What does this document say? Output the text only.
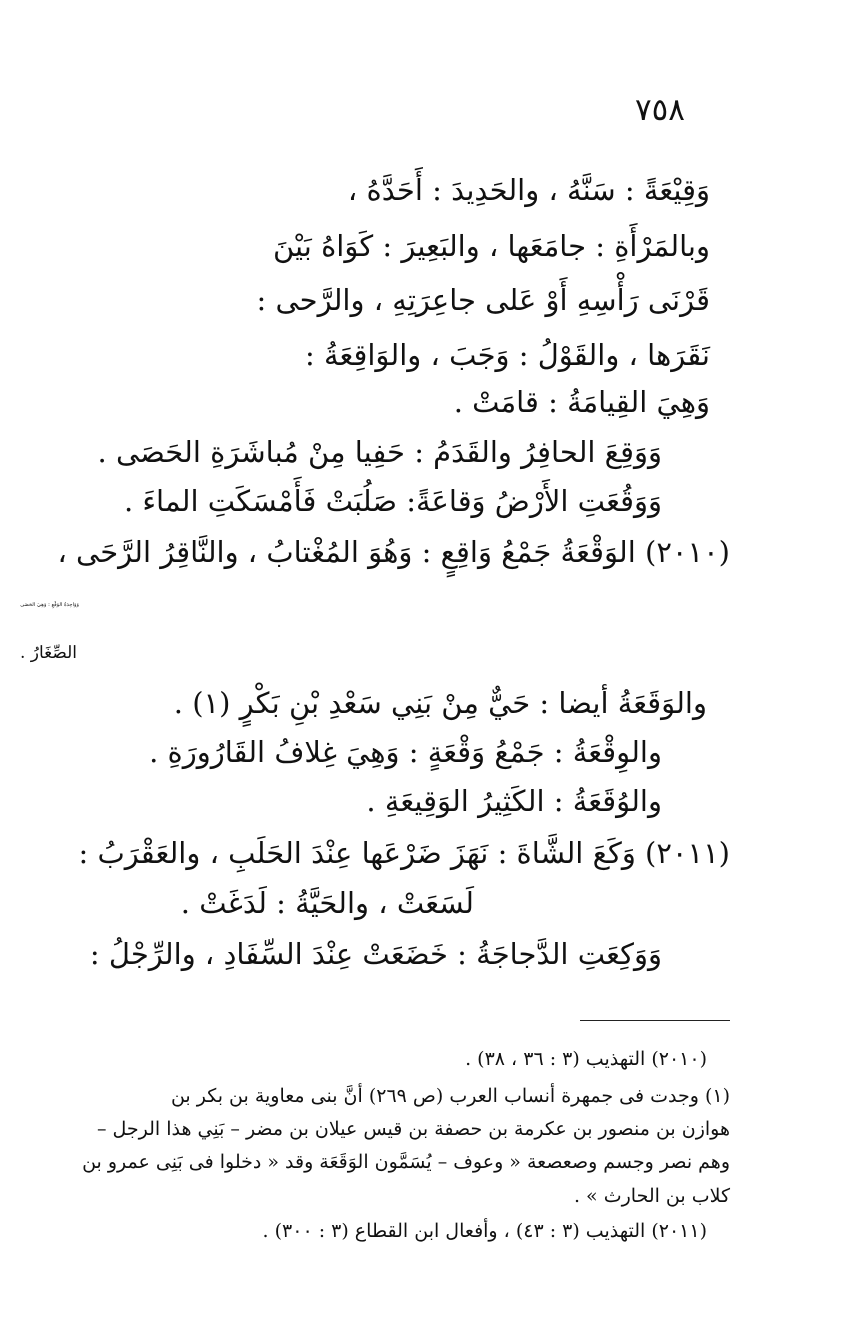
٧٥٨
وَقِيْعَةً : سَنَّهُ ، والحَدِيدَ : أَحَدَّهُ ،
وبالمَرْأَةِ : جامَعَها ، والبَعِيرَ : كَوَاهُ بَيْنَ
قَرْنَى رَأْسِهِ أَوْ عَلى جاعِرَتِهِ ، والرَّحى :
نَقَرَها ، والقَوْلُ : وَجَبَ ، والوَاقِعَةُ :
وَهِيَ القِيامَةُ : قامَتْ .
وَوَقِعَ الحافِرُ والقَدَمُ : حَفِيا مِنْ مُباشَرَةِ الحَصَى .
وَوَقُعَتِ الأَرْضُ وَقاعَةً: صَلُبَتْ فَأَمْسَكَتِ الماءَ .
(٢٠١٠) الوَقْعَةُ جَمْعُ وَاقِعٍ : وَهُوَ المُغْتابُ ، والنَّاقِرُ الرَّحَى ،
وَوَاحِدَةُ الوَقْعِ : وَهِيَ الحَصَى
الصِّغَارُ .
والوَقَعَةُ أيضا : حَيٌّ مِنْ بَنِي سَعْدِ بْنِ بَكْرٍ (١) .
والوِقْعَةُ : جَمْعُ وَقْعَةٍ : وَهِيَ غِلافُ القَارُورَةِ .
والوُقَعَةُ : الكَثِيرُ الوَقِيعَةِ .
(٢٠١١) وَكَعَ الشَّاةَ : نَهَزَ ضَرْعَها عِنْدَ الحَلَبِ ، والعَقْرَبُ :
لَسَعَتْ ، والحَيَّةُ : لَدَغَتْ .
وَوَكِعَتِ الدَّجاجَةُ : خَضَعَتْ عِنْدَ السِّفَادِ ، والرِّجْلُ :
(٢٠١٠) التهذيب (٣ : ٣٦ ، ٣٨) .
(١) وجدت فى جمهرة أنساب العرب (ص ٢٦٩) أنَّ بنى معاوية بن بكر بن
هوازن بن منصور بن عكرمة بن حصفة بن قيس عيلان بن مضر – بَنِي هذا الرجل –
وهم نصر وجسم وصعصعة « وعوف – يُسَمَّون الوَقَعَة وقد « دخلوا فى بَنِى عمرو بن
كلاب بن الحارث » .
(٢٠١١) التهذيب (٣ : ٤٣) ، وأفعال ابن القطاع (٣ : ٣٠٠) .
